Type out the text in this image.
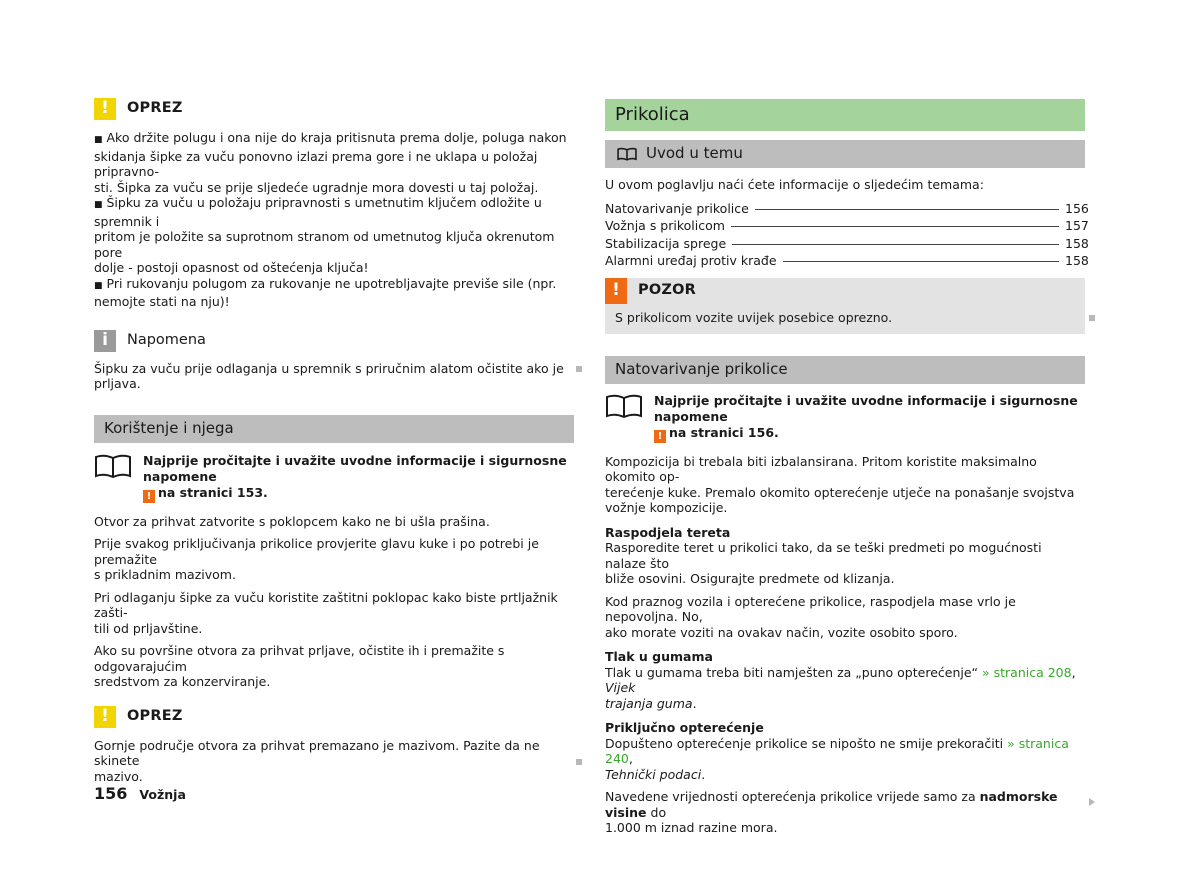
!	OPREZ

■ Ako držite polugu i ona nije do kraja pritisnuta prema dolje, poluga nakon

skidanja šipke za vuču ponovno izlazi prema gore i ne uklapa u položaj pripravno-

sti. Šipka za vuču se prije sljedeće ugradnje mora dovesti u taj položaj.

■ Šipku za vuču u položaju pripravnosti s umetnutim ključem odložite u spremnik i

pritom je položite sa suprotnom stranom od umetnutog ključa okrenutom pore

dolje - postoji opasnost od oštećenja ključa!

■ Pri rukovanju polugom za rukovanje ne upotrebljavajte previše sile (npr.

nemojte stati na nju)!

i	Napomena

Šipku za vuču prije odlaganja u spremnik s priručnim alatom očistite ako je prljava.

Korištenje i njega
Najprije pročitajte i uvažite uvodne informacije i sigurnosne napomene
! na stranici 153.

Otvor za prihvat zatvorite s poklopcem kako ne bi ušla prašina.

Prije svakog priključivanja prikolice provjerite glavu kuke i po potrebi je premažite
s prikladnim mazivom.

Pri odlaganju šipke za vuču koristite zaštitni poklopac kako biste prtljažnik zašti-
tili od prljavštine.

Ako su površine otvora za prihvat prljave, očistite ih i premažite s odgovarajućim
sredstvom za konzerviranje.

!	OPREZ

Gornje područje otvora za prihvat premazano je mazivom. Pazite da ne skinete
mazivo.

Prikolica
Uvod u temu

U ovom poglavlju naći ćete informacije o sljedećim temama:

Natovarivanje prikolice	156
Vožnja s prikolicom	157
Stabilizacija sprege	158
Alarmni uređaj protiv krađe	158
!	POZOR

S prikolicom vozite uvijek posebice oprezno.

Natovarivanje prikolice
Najprije pročitajte i uvažite uvodne informacije i sigurnosne napomene
! na stranici 156.

Kompozicija bi trebala biti izbalansirana. Pritom koristite maksimalno okomito op-
terećenje kuke. Premalo okomito opterećenje utječe na ponašanje svojstva
vožnje kompozicije.

Raspodjela tereta

Rasporedite teret u prikolici tako, da se teški predmeti po mogućnosti nalaze što
bliže osovini. Osigurajte predmete od klizanja.

Kod praznog vozila i opterećene prikolice, raspodjela mase vrlo je nepovoljna. No,
ako morate voziti na ovakav način, vozite osobito sporo.

Tlak u gumama

Tlak u gumama treba biti namješten za „puno opterećenje“ » stranica 208, Vijek
trajanja guma.

Priključno opterećenje

Dopušteno opterećenje prikolice se nipošto ne smije prekoračiti » stranica 240,
Tehnički podaci.

Navedene vrijednosti opterećenja prikolice vrijede samo za nadmorske visine do
1.000 m iznad razine mora.

156 Vožnja
